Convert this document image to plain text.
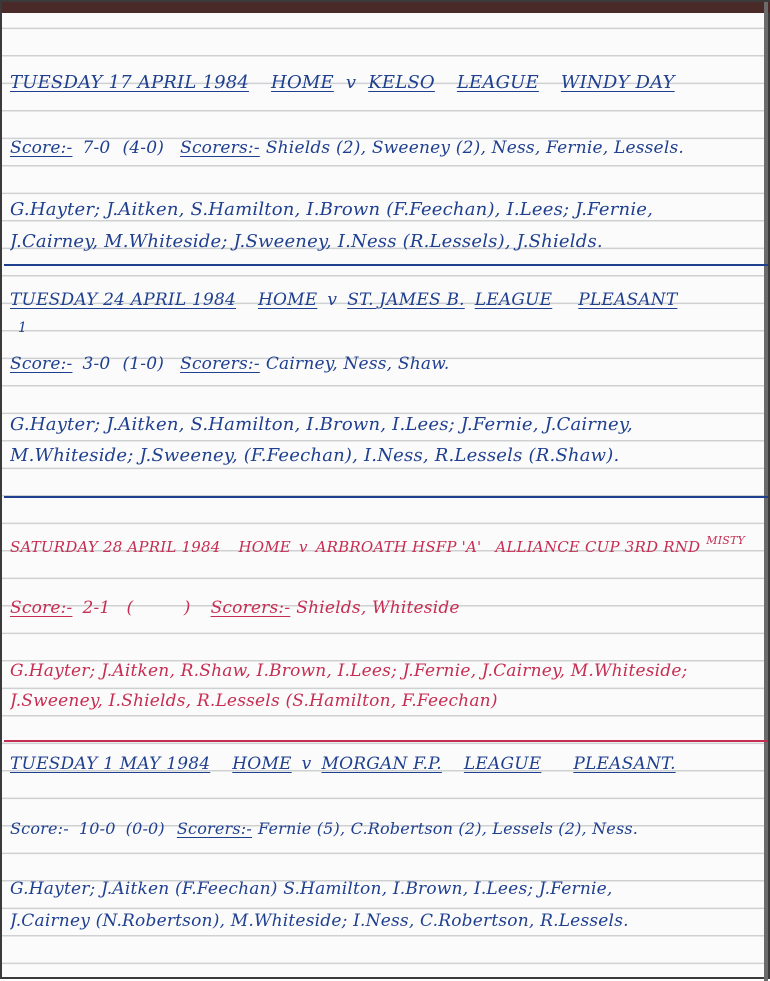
TUESDAY 17 APRIL 1984 HOME v KELSO LEAGUE WINDY DAY
Score:- 7-0 (4-0) Scorers:- Shields (2), Sweeney (2), Ness, Fernie, Lessels.
G.Hayter; J.Aitken, S.Hamilton, I.Brown (F.Feechan), I.Lees; J.Fernie,
J.Cairney, M.Whiteside; J.Sweeney, I.Ness (R.Lessels), J.Shields.
TUESDAY 24 APRIL 1984 HOME v ST. JAMES B. LEAGUE PLEASANT
1
Score:- 3-0 (1-0) Scorers:- Cairney, Ness, Shaw.
G.Hayter; J.Aitken, S.Hamilton, I.Brown, I.Lees; J.Fernie, J.Cairney,
M.Whiteside; J.Sweeney, (F.Feechan), I.Ness, R.Lessels (R.Shaw).
SATURDAY 28 APRIL 1984 HOME v ARBROATH HSFP 'A' ALLIANCE CUP 3RD RND MISTY
Score:- 2-1 (         ) Scorers:- Shields, Whiteside
G.Hayter; J.Aitken, R.Shaw, I.Brown, I.Lees; J.Fernie, J.Cairney, M.Whiteside;
J.Sweeney, I.Shields, R.Lessels (S.Hamilton, F.Feechan)
TUESDAY 1 MAY 1984 HOME v MORGAN F.P. LEAGUE PLEASANT.
Score:- 10-0 (0-0) Scorers:- Fernie (5), C.Robertson (2), Lessels (2), Ness.
G.Hayter; J.Aitken (F.Feechan) S.Hamilton, I.Brown, I.Lees; J.Fernie,
J.Cairney (N.Robertson), M.Whiteside; I.Ness, C.Robertson, R.Lessels.
